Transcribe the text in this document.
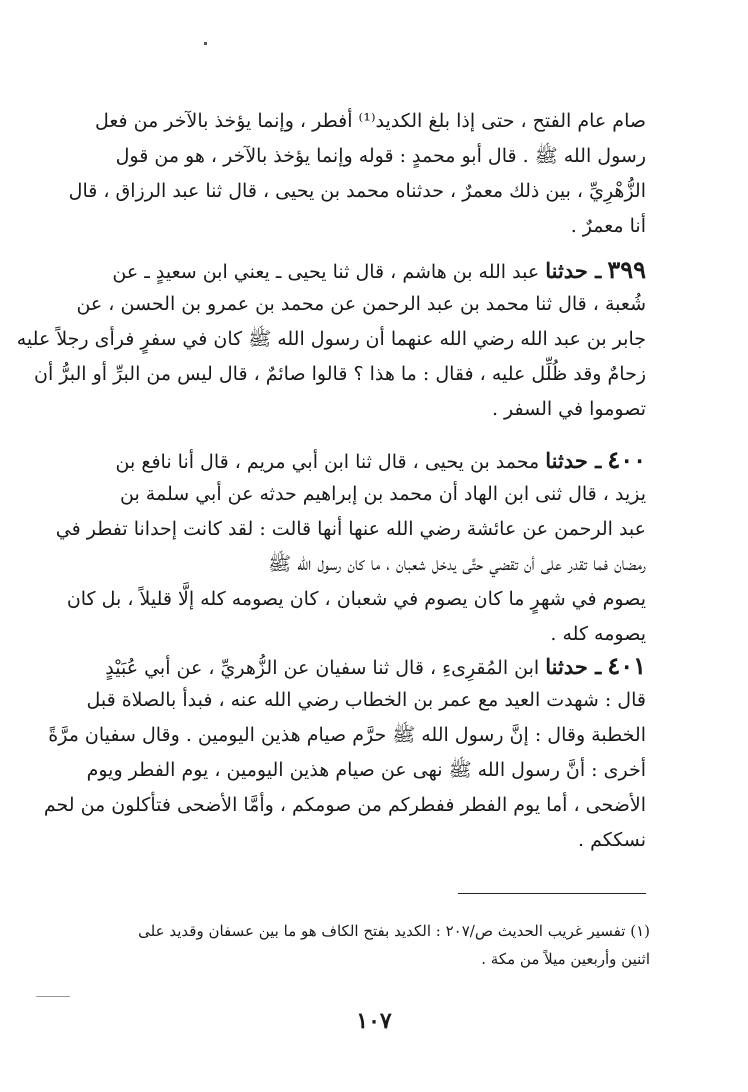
صام عام الفتح ، حتى إذا بلغ الكديد⁽¹⁾ أفطر ، وإنما يؤخذ بالآخر من فعل
رسول الله ﷺ . قال أبو محمدٍ : قوله وإنما يؤخذ بالآخر ، هو من قول
الزُّهْرِيِّ ، بين ذلك معمرٌ ، حدثناه محمد بن يحيى ، قال ثنا عبد الرزاق ، قال
أنا معمرٌ .
٣٩٩ ـ حدثنا عبد الله بن هاشم ، قال ثنا يحيى ـ يعني ابن سعيدٍ ـ عن
شُعبة ، قال ثنا محمد بن عبد الرحمن عن محمد بن عمرو بن الحسن ، عن
جابر بن عبد الله رضي الله عنهما أن رسول الله ﷺ كان في سفرٍ فرأى رجلاً عليه
زحامٌ وقد ظُلِّل عليه ، فقال : ما هذا ؟ قالوا صائمٌ ، قال ليس من البرِّ أو البرُّ أن
تصوموا في السفر .
٤٠٠ ـ حدثنا محمد بن يحيى ، قال ثنا ابن أبي مريم ، قال أنا نافع بن
يزيد ، قال ثنى ابن الهاد أن محمد بن إبراهيم حدثه عن أبي سلمة بن
عبد الرحمن عن عائشة رضي الله عنها أنها قالت : لقد كانت إحدانا تفطر في
رمضان فما تقدر على أن تقضي حتَّى يدخل شعبان ، ما كان رسول الله ﷺ
يصوم في شهرٍ ما كان يصوم في شعبان ، كان يصومه كله إلَّا قليلاً ، بل كان
يصومه كله .
٤٠١ ـ حدثنا ابن المُقرِىءِ ، قال ثنا سفيان عن الزُّهريِّ ، عن أبي عُبَيْدٍ
قال : شهدت العيد مع عمر بن الخطاب رضي الله عنه ، فبدأ بالصلاة قبل
الخطبة وقال : إنَّ رسول الله ﷺ حرَّم صيام هذين اليومين . وقال سفيان مرَّةً
أخرى : أنَّ رسول الله ﷺ نهى عن صيام هذين اليومين ، يوم الفطر ويوم
الأضحى ، أما يوم الفطر ففطركم من صومكم ، وأمَّا الأضحى فتأكلون من لحم
نسككم .
(١) تفسير غريب الحديث ص/٢٠٧ : الكديد بفتح الكاف هو ما بين عسفان وقديد على
اثنين وأربعين ميلاً من مكة .
١٠٧
